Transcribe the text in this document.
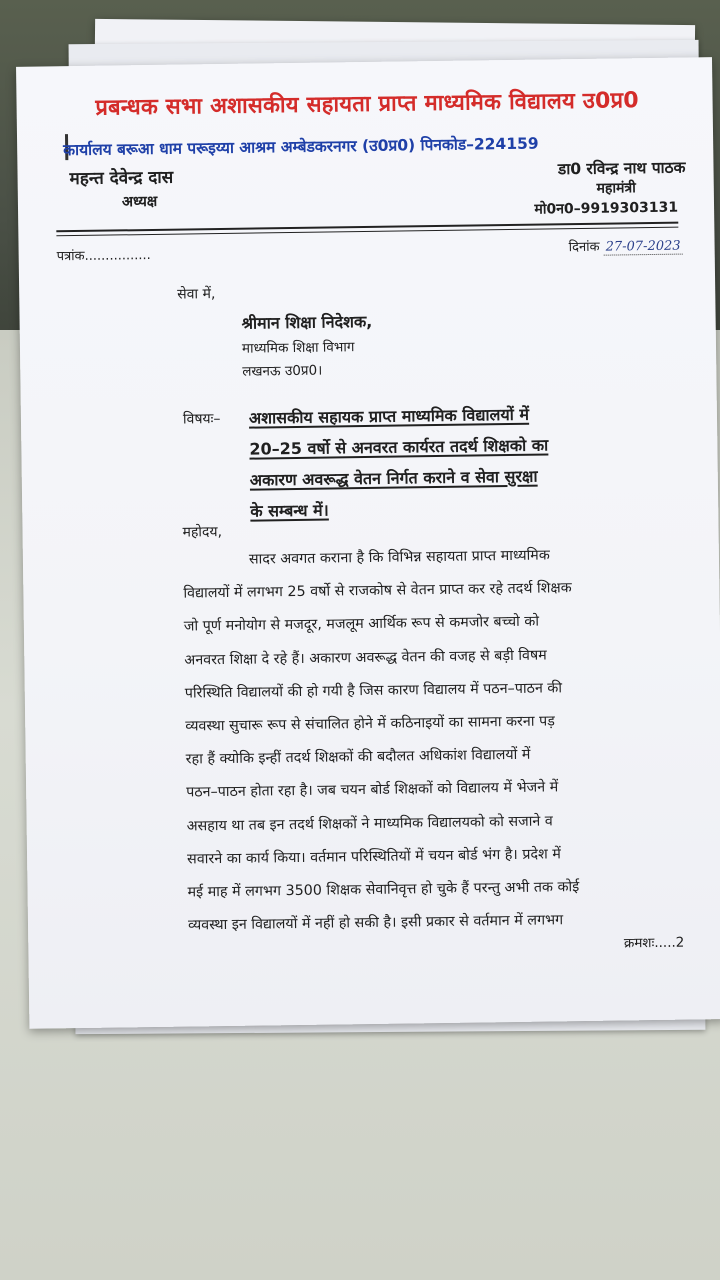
प्रबन्धक सभा अशासकीय सहायता प्राप्त माध्यमिक विद्यालय उ0प्र0
कार्यालय बरूआ धाम परूइय्या आश्रम अम्बेडकरनगर (उ0प्र0) पिनकोड–224159
महन्त देवेन्द्र दास
अध्यक्ष
डा0 रविन्द्र नाथ पाठक
महामंत्री
मो0न0–9919303131
पत्रांक................
दिनांक 27-07-2023
सेवा में,
श्रीमान शिक्षा निदेशक,
माध्यमिक शिक्षा विभाग
लखनऊ उ0प्र0।
विषयः– अशासकीय सहायक प्राप्त माध्यमिक विद्यालयों में
20–25 वर्षो से अनवरत कार्यरत तदर्थ शिक्षको का
अकारण अवरूद्ध वेतन निर्गत कराने व सेवा सुरक्षा
के सम्बन्ध में।
महोदय,
सादर अवगत कराना है कि विभिन्न सहायता प्राप्त माध्यमिक
विद्यालयों में लगभग 25 वर्षो से राजकोष से वेतन प्राप्त कर रहे तदर्थ शिक्षक
जो पूर्ण मनोयोग से मजदूर, मजलूम आर्थिक रूप से कमजोर बच्चो को
अनवरत शिक्षा दे रहे हैं। अकारण अवरूद्ध वेतन की वजह से बड़ी विषम
परिस्थिति विद्यालयों की हो गयी है जिस कारण विद्यालय में पठन–पाठन की
व्यवस्था सुचारू रूप से संचालित होने में कठिनाइयों का सामना करना पड़
रहा हैं क्योकि इन्हीं तदर्थ शिक्षकों की बदौलत अधिकांश विद्यालयों में
पठन–पाठन होता रहा है। जब चयन बोर्ड शिक्षकों को विद्यालय में भेजने में
असहाय था तब इन तदर्थ शिक्षकों ने माध्यमिक विद्यालयको को सजाने व
सवारने का कार्य किया। वर्तमान परिस्थितियों में चयन बोर्ड भंग है। प्रदेश में
मई माह में लगभग 3500 शिक्षक सेवानिवृत्त हो चुके हैं परन्तु अभी तक कोई
व्यवस्था इन विद्यालयों में नहीं हो सकी है। इसी प्रकार से वर्तमान में लगभग
क्रमशः.....2
